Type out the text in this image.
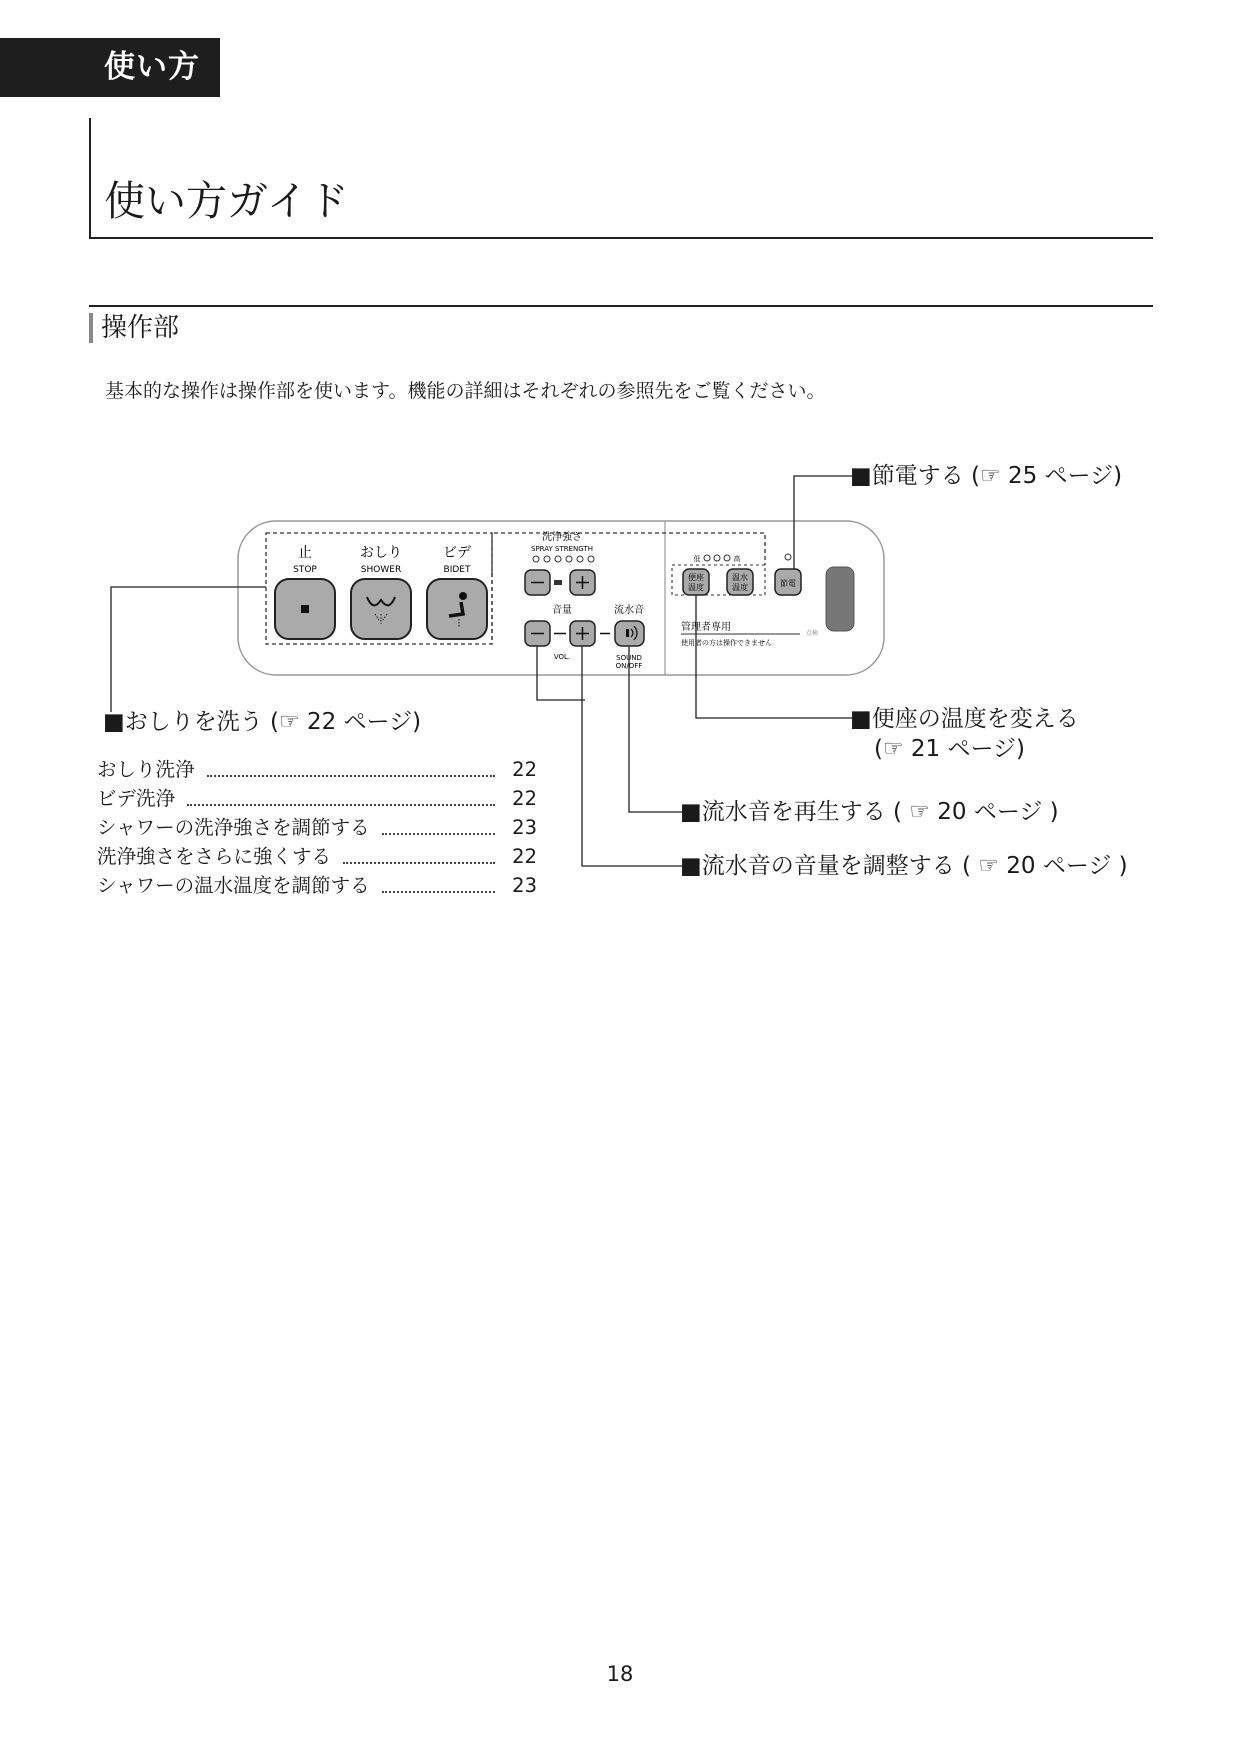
使い方
使い方ガイド
操作部
基本的な操作は操作部を使います。機能の詳細はそれぞれの参照先をご覧ください。
止
STOP
おしり
SHOWER
ビデ
BIDET
洗浄強さ
SPRAY STRENGTH
音量
VOL.
流水音
SOUND
ON/OFF
低	高
便座
温度
温水
温度	節電
管理者専用
使用者の方は操作できません
点検
■節電する (☞ 25 ページ)
■おしりを洗う (☞ 22 ページ)	■便座の温度を変える
(☞ 21 ページ)
■流水音を再生する ( ☞ 20 ページ )
■流水音の音量を調整する ( ☞ 20 ページ )
おしり洗浄	22
ビデ洗浄	22
シャワーの洗浄強さを調節する	23
洗浄強さをさらに強くする	22
シャワーの温水温度を調節する	23
18
